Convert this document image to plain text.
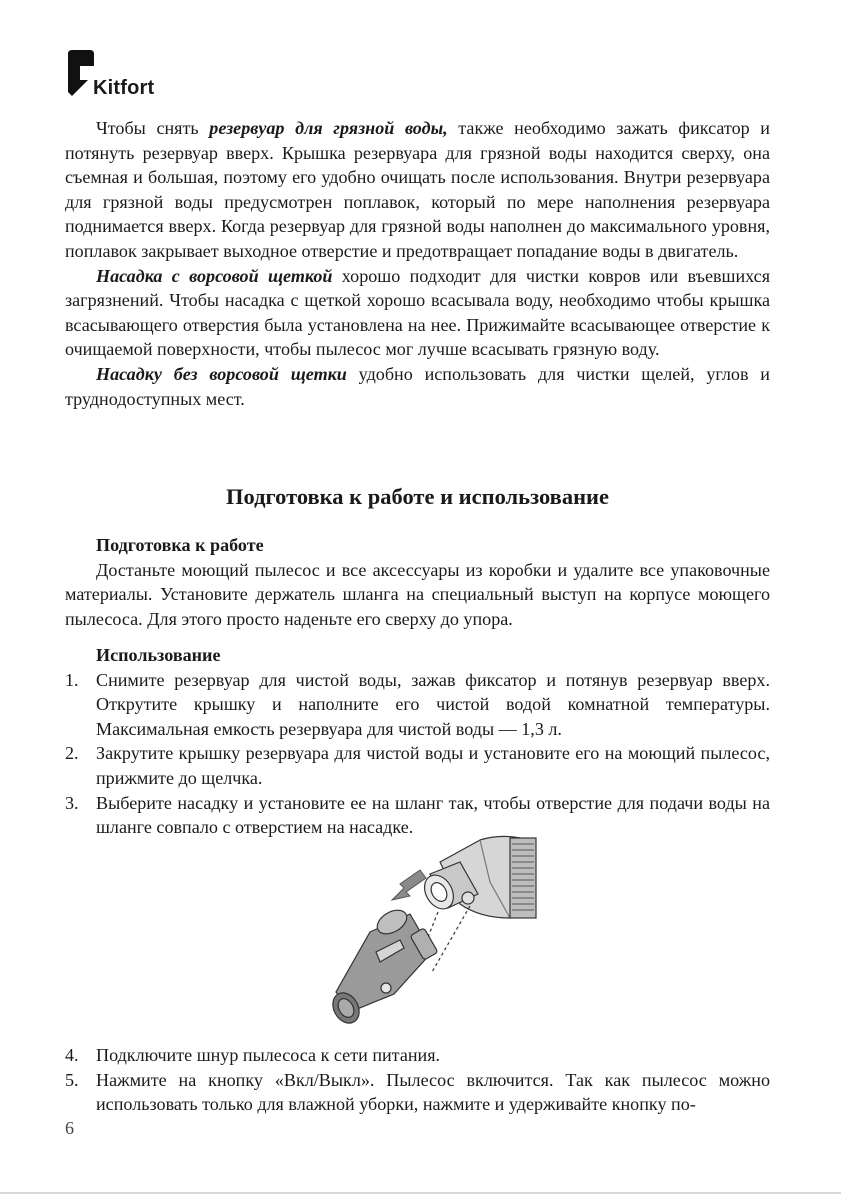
Kitfort

Чтобы снять резервуар для грязной воды, также необходимо зажать фиксатор и потянуть резервуар вверх. Крышка резервуара для грязной воды находится сверху, она съемная и большая, поэтому его удобно очищать после использования. Внутри резервуара для грязной воды предусмотрен поплавок, который по мере наполнения резервуара поднимается вверх. Когда резервуар для грязной воды наполнен до максимального уровня, поплавок закрывает выходное отверстие и предотвращает попадание воды в двигатель.

Насадка с ворсовой щеткой хорошо подходит для чистки ковров или въевшихся загрязнений. Чтобы насадка с щеткой хорошо всасывала воду, необходимо чтобы крышка всасывающего отверстия была установлена на нее. Прижимайте всасывающее отверстие к очищаемой поверхности, чтобы пылесос мог лучше всасывать грязную воду.

Насадку без ворсовой щетки удобно использовать для чистки щелей, углов и труднодоступных мест.

Подготовка к работе и использование

Подготовка к работе

Достаньте моющий пылесос и все аксессуары из коробки и удалите все упаковочные материалы. Установите держатель шланга на специальный выступ на корпусе моющего пылесоса. Для этого просто наденьте его сверху до упора.

Использование

1. Снимите резервуар для чистой воды, зажав фиксатор и потянув резервуар вверх. Открутите крышку и наполните его чистой водой комнатной температуры. Максимальная емкость резервуара для чистой воды — 1,3 л.
2. Закрутите крышку резервуара для чистой воды и установите его на моющий пылесос, прижмите до щелчка.
3. Выберите насадку и установите ее на шланг так, чтобы отверстие для подачи воды на шланге совпало с отверстием на насадке.
4. Подключите шнур пылесоса к сети питания.
5. Нажмите на кнопку «Вкл/Выкл». Пылесос включится. Так как пылесос можно использовать только для влажной уборки, нажмите и удерживайте кнопку по-
6
